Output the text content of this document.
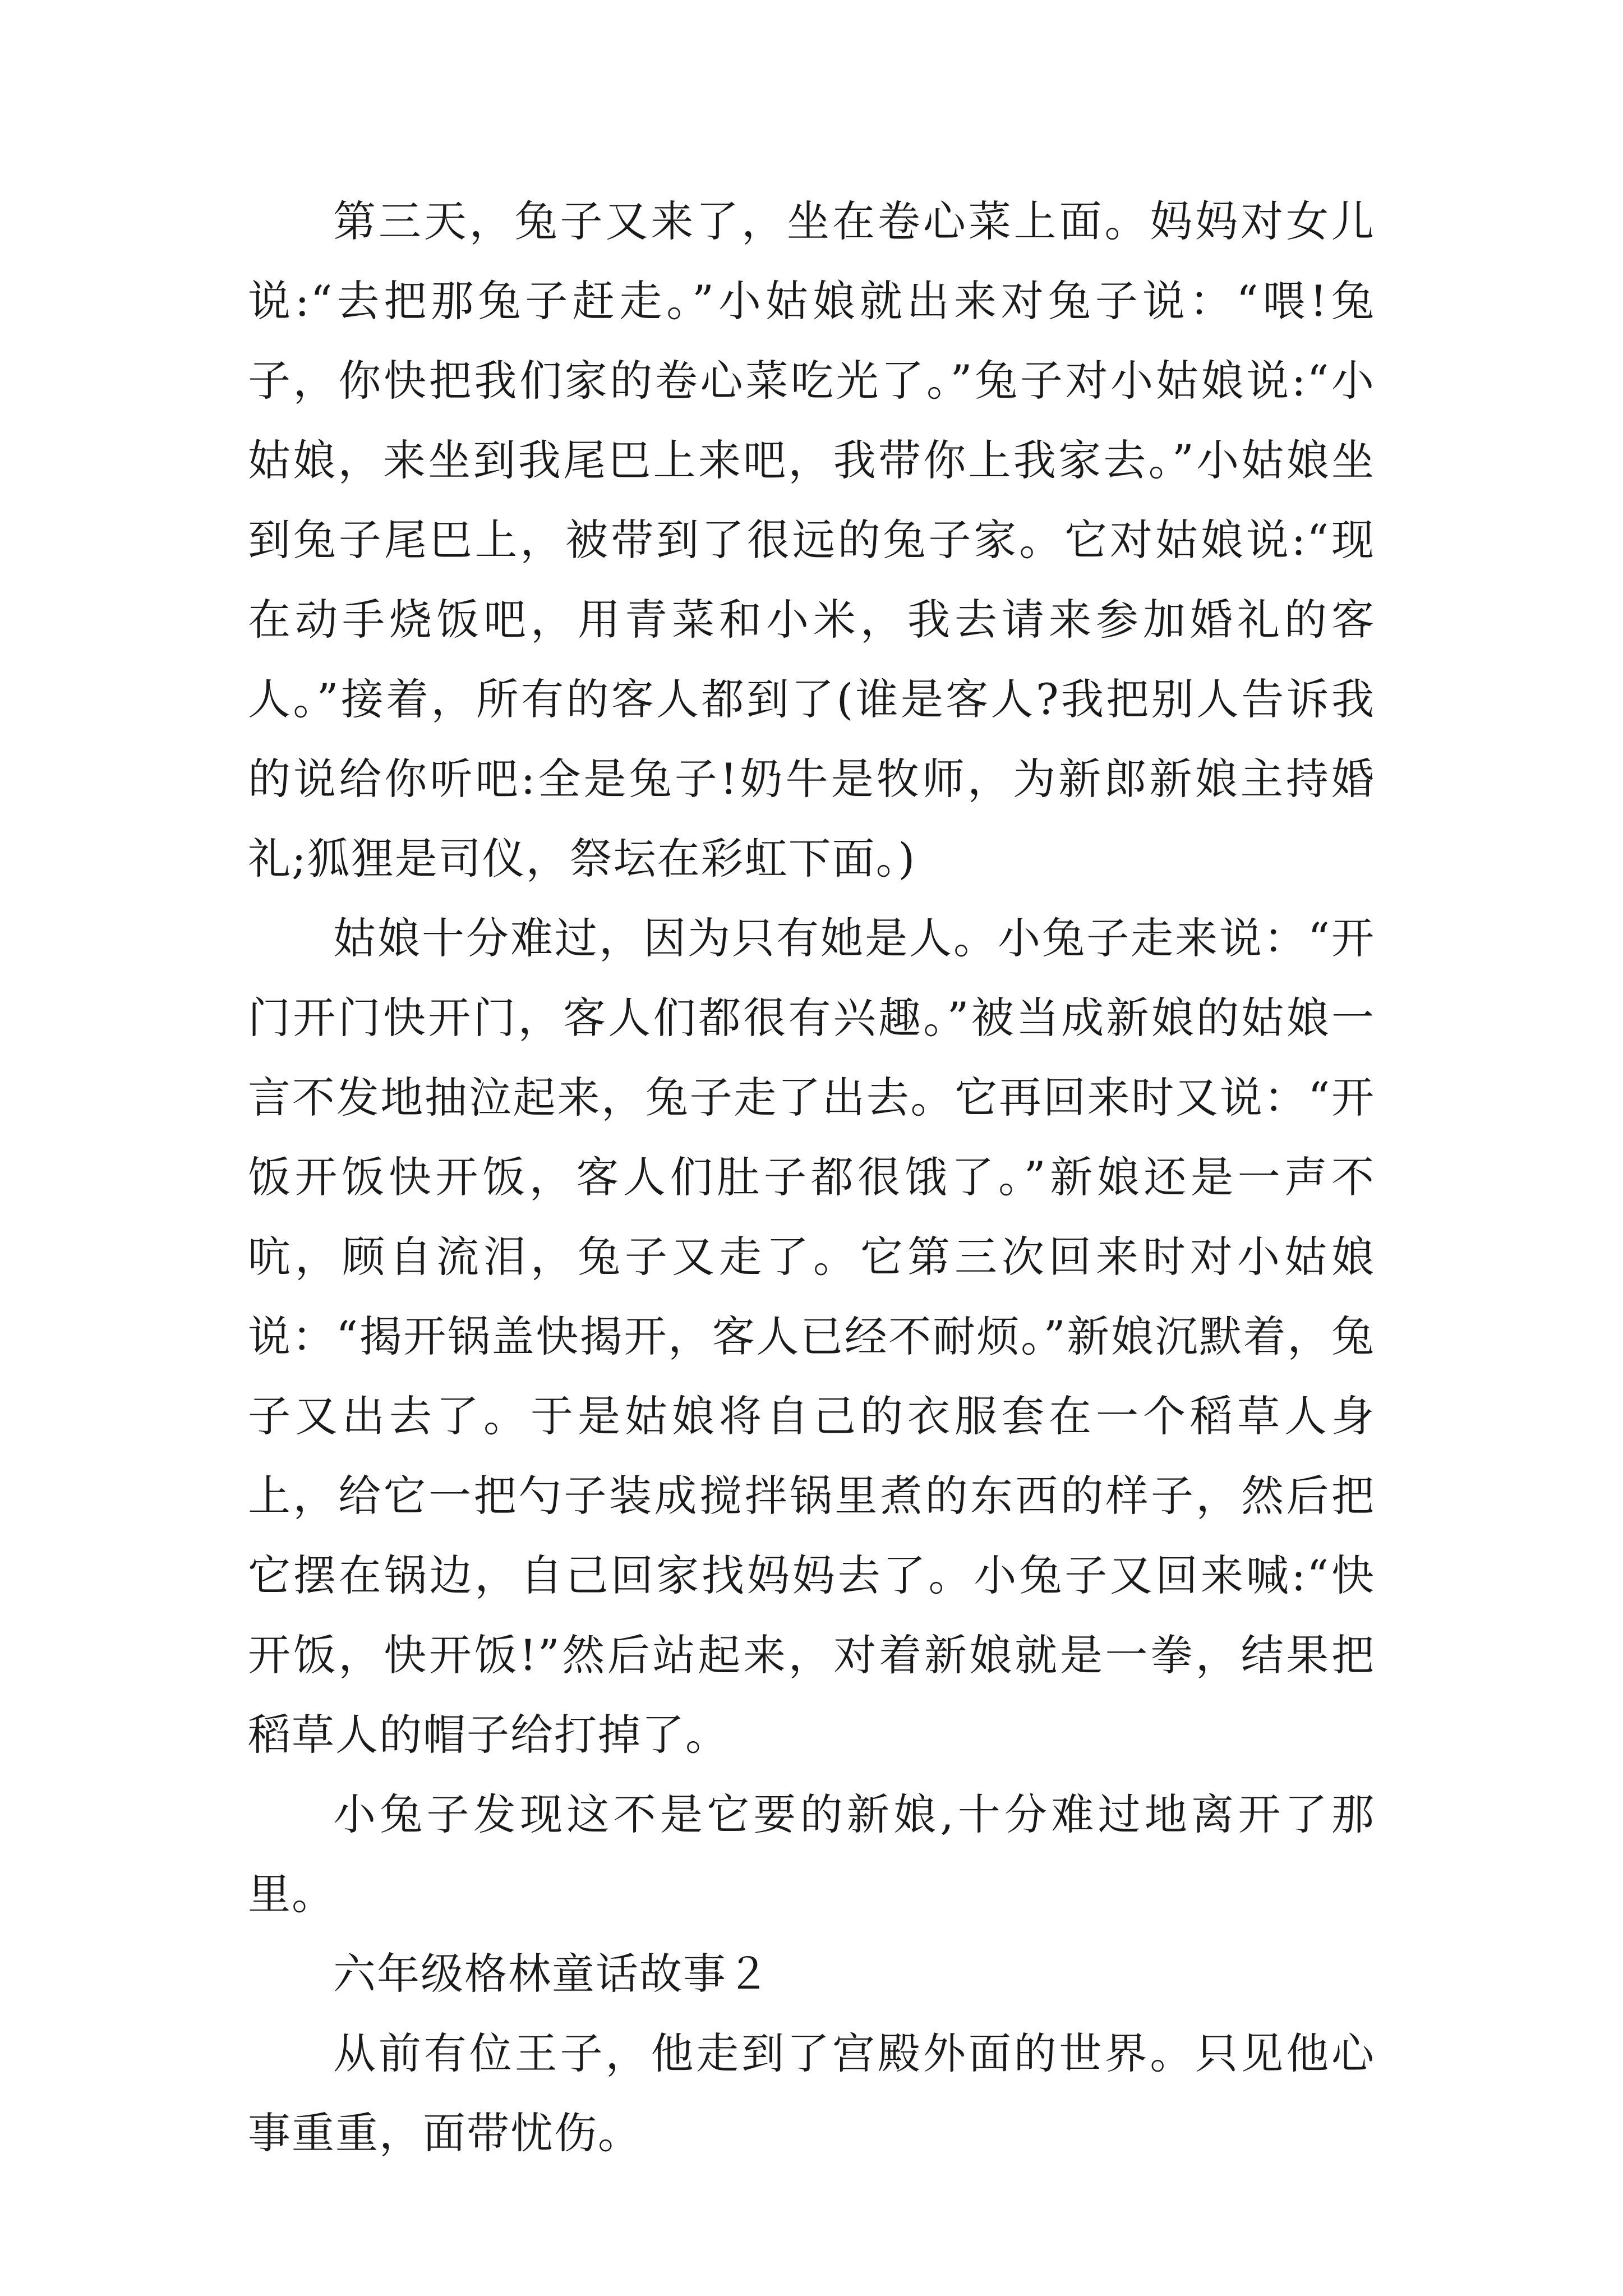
第三天，兔子又来了，坐在卷心菜上面。妈妈对女儿说:“去把那兔子赶走。”小姑娘就出来对兔子说：“喂!兔子，你快把我们家的卷心菜吃光了。”兔子对小姑娘说:“小姑娘，来坐到我尾巴上来吧，我带你上我家去。”小姑娘坐到兔子尾巴上，被带到了很远的兔子家。它对姑娘说:“现在动手烧饭吧，用青菜和小米，我去请来参加婚礼的客人。”接着，所有的客人都到了(谁是客人?我把别人告诉我的说给你听吧:全是兔子!奶牛是牧师，为新郎新娘主持婚礼;狐狸是司仪，祭坛在彩虹下面。)

姑娘十分难过，因为只有她是人。小兔子走来说：“开门开门快开门，客人们都很有兴趣。”被当成新娘的姑娘一言不发地抽泣起来，兔子走了出去。它再回来时又说：“开饭开饭快开饭，客人们肚子都很饿了。”新娘还是一声不吭，顾自流泪，兔子又走了。它第三次回来时对小姑娘说：“揭开锅盖快揭开，客人已经不耐烦。”新娘沉默着，兔子又出去了。于是姑娘将自己的衣服套在一个稻草人身上，给它一把勺子装成搅拌锅里煮的东西的样子，然后把它摆在锅边，自己回家找妈妈去了。小兔子又回来喊:“快开饭，快开饭!”然后站起来，对着新娘就是一拳，结果把稻草人的帽子给打掉了。

小兔子发现这不是它要的新娘,十分难过地离开了那里。

六年级格林童话故事２

从前有位王子，他走到了宫殿外面的世界。只见他心事重重，面带忧伤。
